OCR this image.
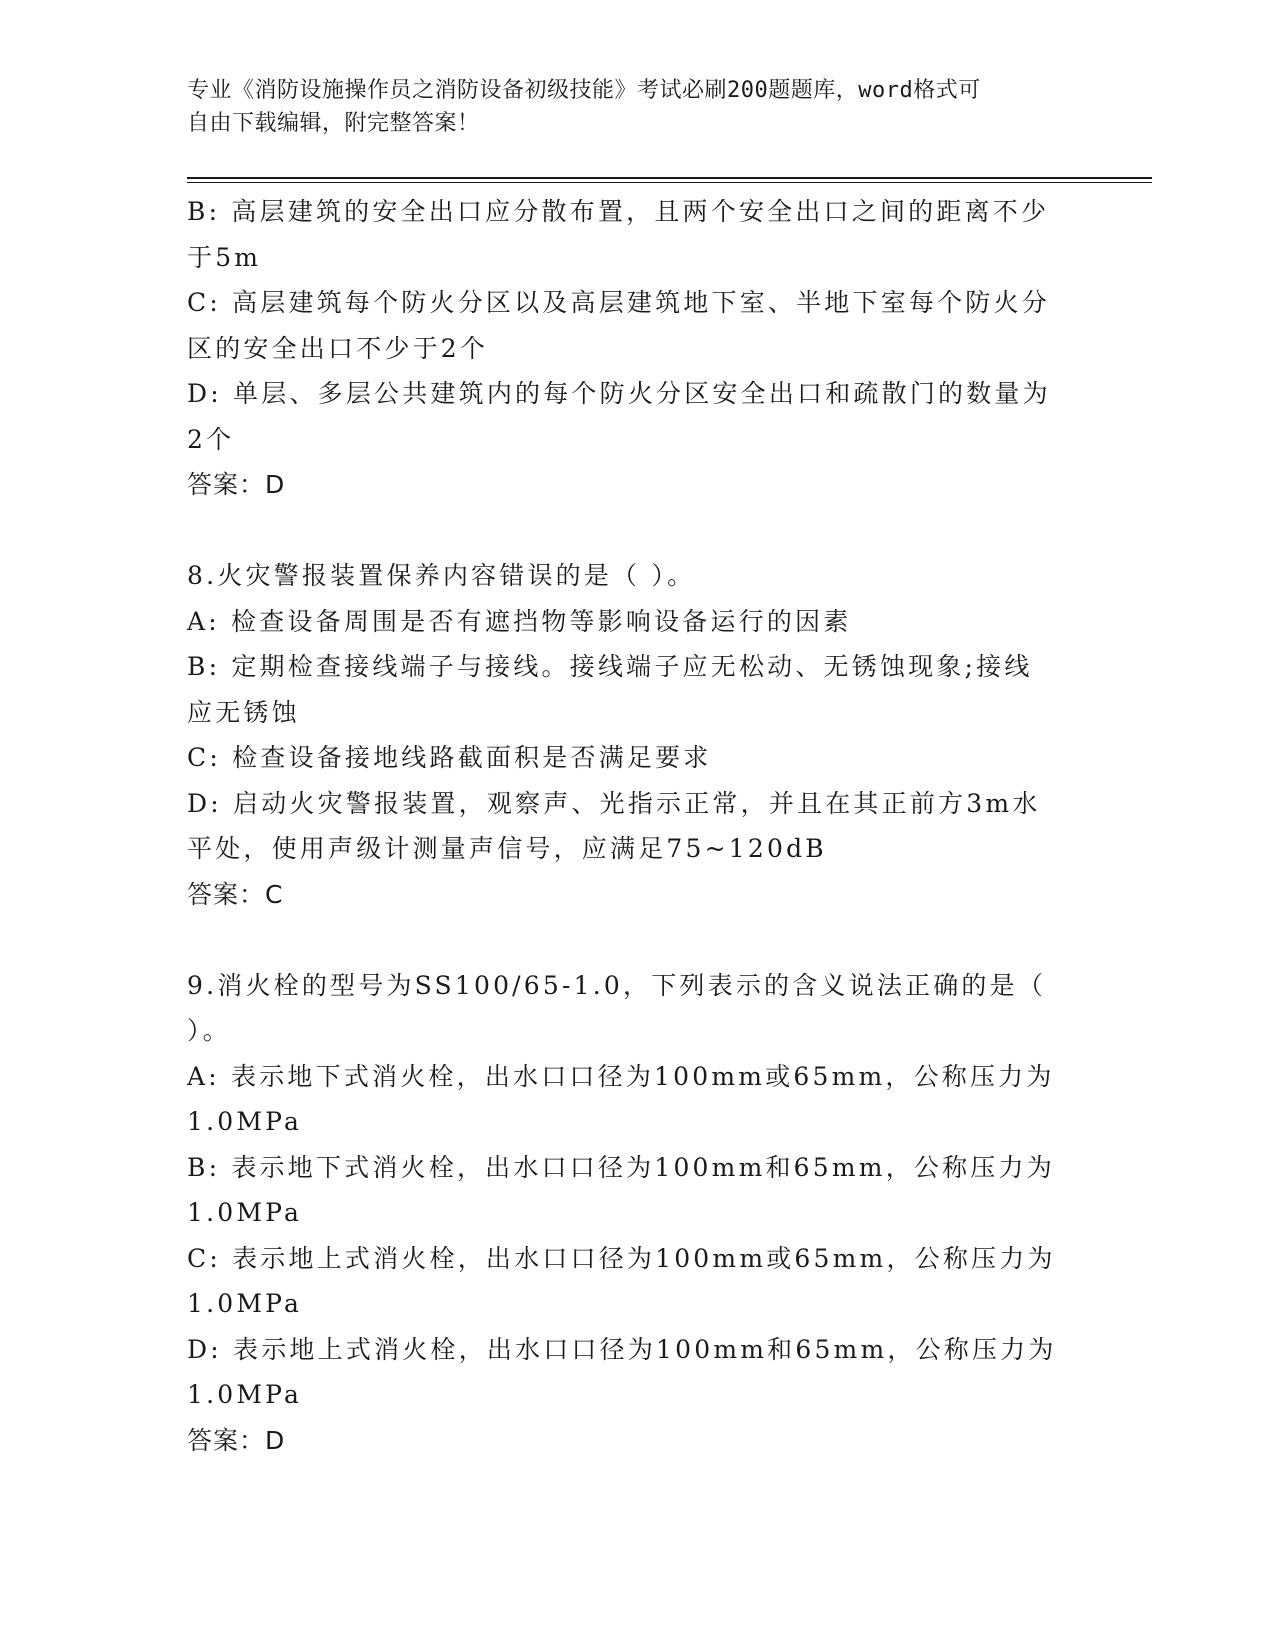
专业《消防设施操作员之消防设备初级技能》考试必刷200题题库，word格式可
自由下载编辑，附完整答案！
B: 高层建筑的安全出口应分散布置，且两个安全出口之间的距离不少
于5m
C: 高层建筑每个防火分区以及高层建筑地下室、半地下室每个防火分
区的安全出口不少于2个
D: 单层、多层公共建筑内的每个防火分区安全出口和疏散门的数量为
2个
答案：D
8.火灾警报装置保养内容错误的是（ ）。
A: 检查设备周围是否有遮挡物等影响设备运行的因素
B: 定期检查接线端子与接线。接线端子应无松动、无锈蚀现象;接线
应无锈蚀
C: 检查设备接地线路截面积是否满足要求
D: 启动火灾警报装置，观察声、光指示正常，并且在其正前方3m水
平处，使用声级计测量声信号，应满足75~120dB
答案：C
9.消火栓的型号为SS100/65-1.0，下列表示的含义说法正确的是（
）。
A: 表示地下式消火栓，出水口口径为100mm或65mm，公称压力为
1.0MPa
B: 表示地下式消火栓，出水口口径为100mm和65mm，公称压力为
1.0MPa
C: 表示地上式消火栓，出水口口径为100mm或65mm，公称压力为
1.0MPa
D: 表示地上式消火栓，出水口口径为100mm和65mm，公称压力为
1.0MPa
答案：D
